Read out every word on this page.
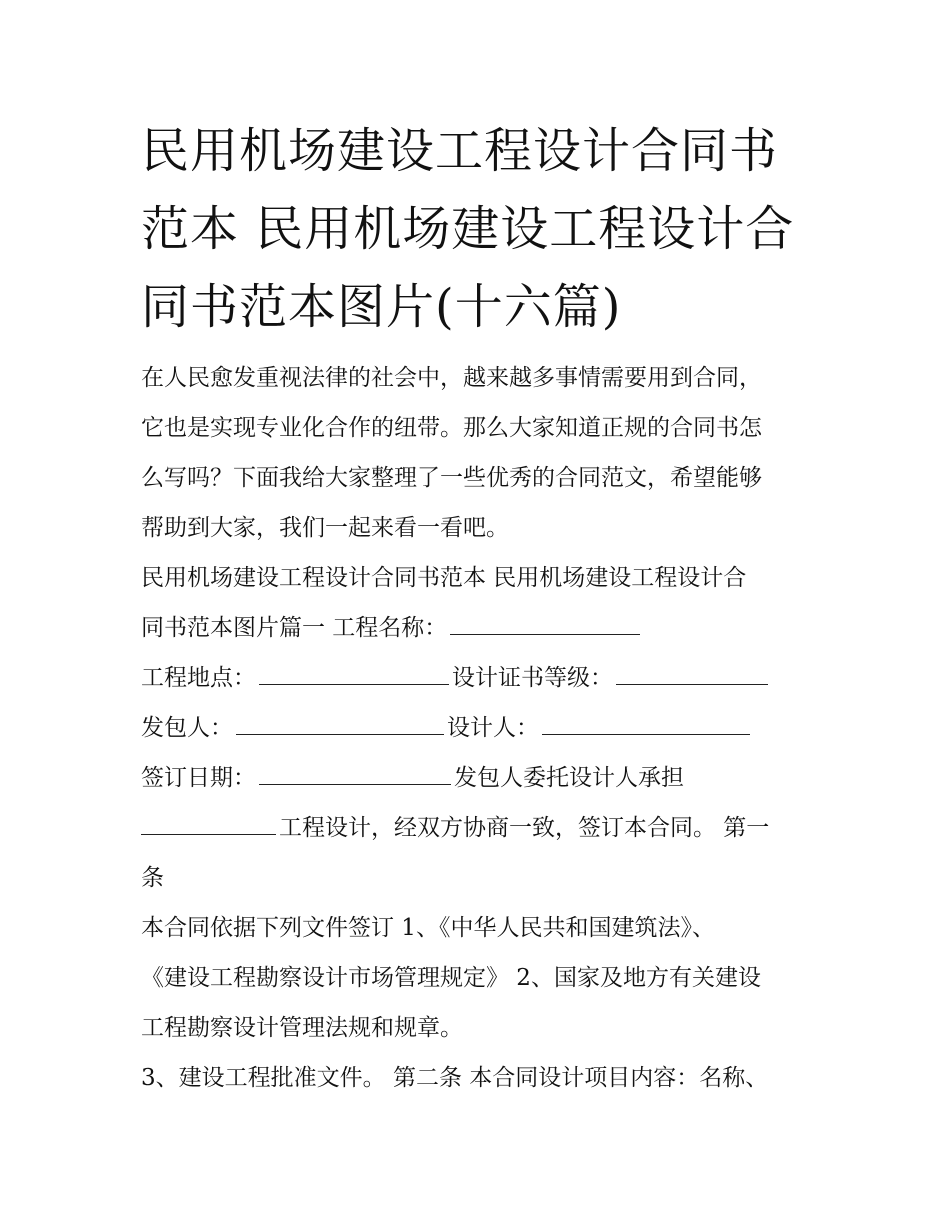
民用机场建设工程设计合同书
范本 民用机场建设工程设计合
同书范本图片(十六篇)
在人民愈发重视法律的社会中，越来越多事情需要用到合同，
它也是实现专业化合作的纽带。那么大家知道正规的合同书怎
么写吗？下面我给大家整理了一些优秀的合同范文，希望能够
帮助到大家，我们一起来看一看吧。
民用机场建设工程设计合同书范本 民用机场建设工程设计合
同书范本图片篇一 工程名称：
工程地点：	设计证书等级：
发包人：	设计人：
签订日期：	发包人委托设计人承担
工程设计，经双方协商一致，签订本合同。 第一
条
本合同依据下列文件签订 1、《中华人民共和国建筑法》、
《建设工程勘察设计市场管理规定》 2、国家及地方有关建设
工程勘察设计管理法规和规章。
3、建设工程批准文件。 第二条 本合同设计项目内容：名称、
